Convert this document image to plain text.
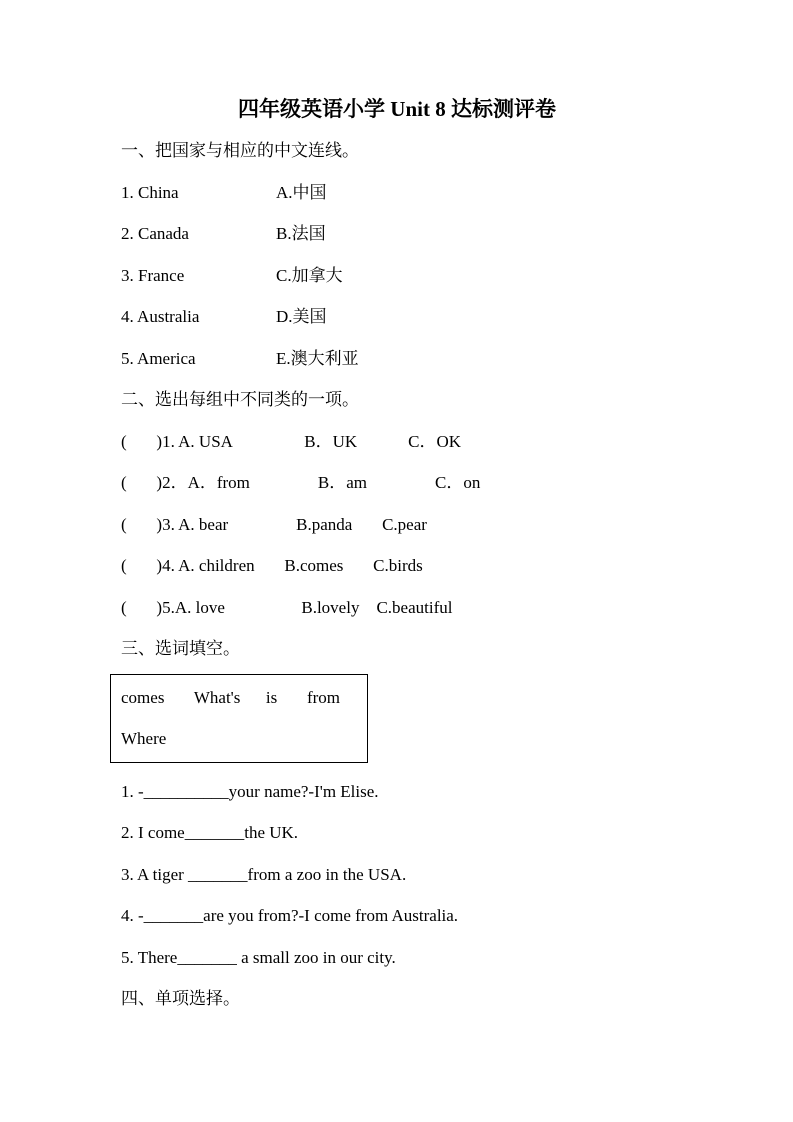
四年级英语小学 Unit 8 达标测评卷

一、把国家与相应的中文连线。

1. China	A.中国
2. Canada	B.法国
3. France	C.加拿大
4. Australia	D.美国
5. America	E.澳大利亚

二、选出每组中不同类的一项。

(       )1. A. USA                 B．UK            C．OK

(       )2．A．from                B．am                C．on

(       )3. A. bear                B.panda       C.pear

(       )4. A. children       B.comes       C.birds

(       )5.A. love                  B.lovely    C.beautiful

三、选词填空。

comes       What's      is       from

Where

1. -__________your name?-I'm Elise.

2. I come_______the UK.

3. A tiger _______from a zoo in the USA.

4. -_______are you from?-I come from Australia.

5. There_______ a small zoo in our city.

四、单项选择。
